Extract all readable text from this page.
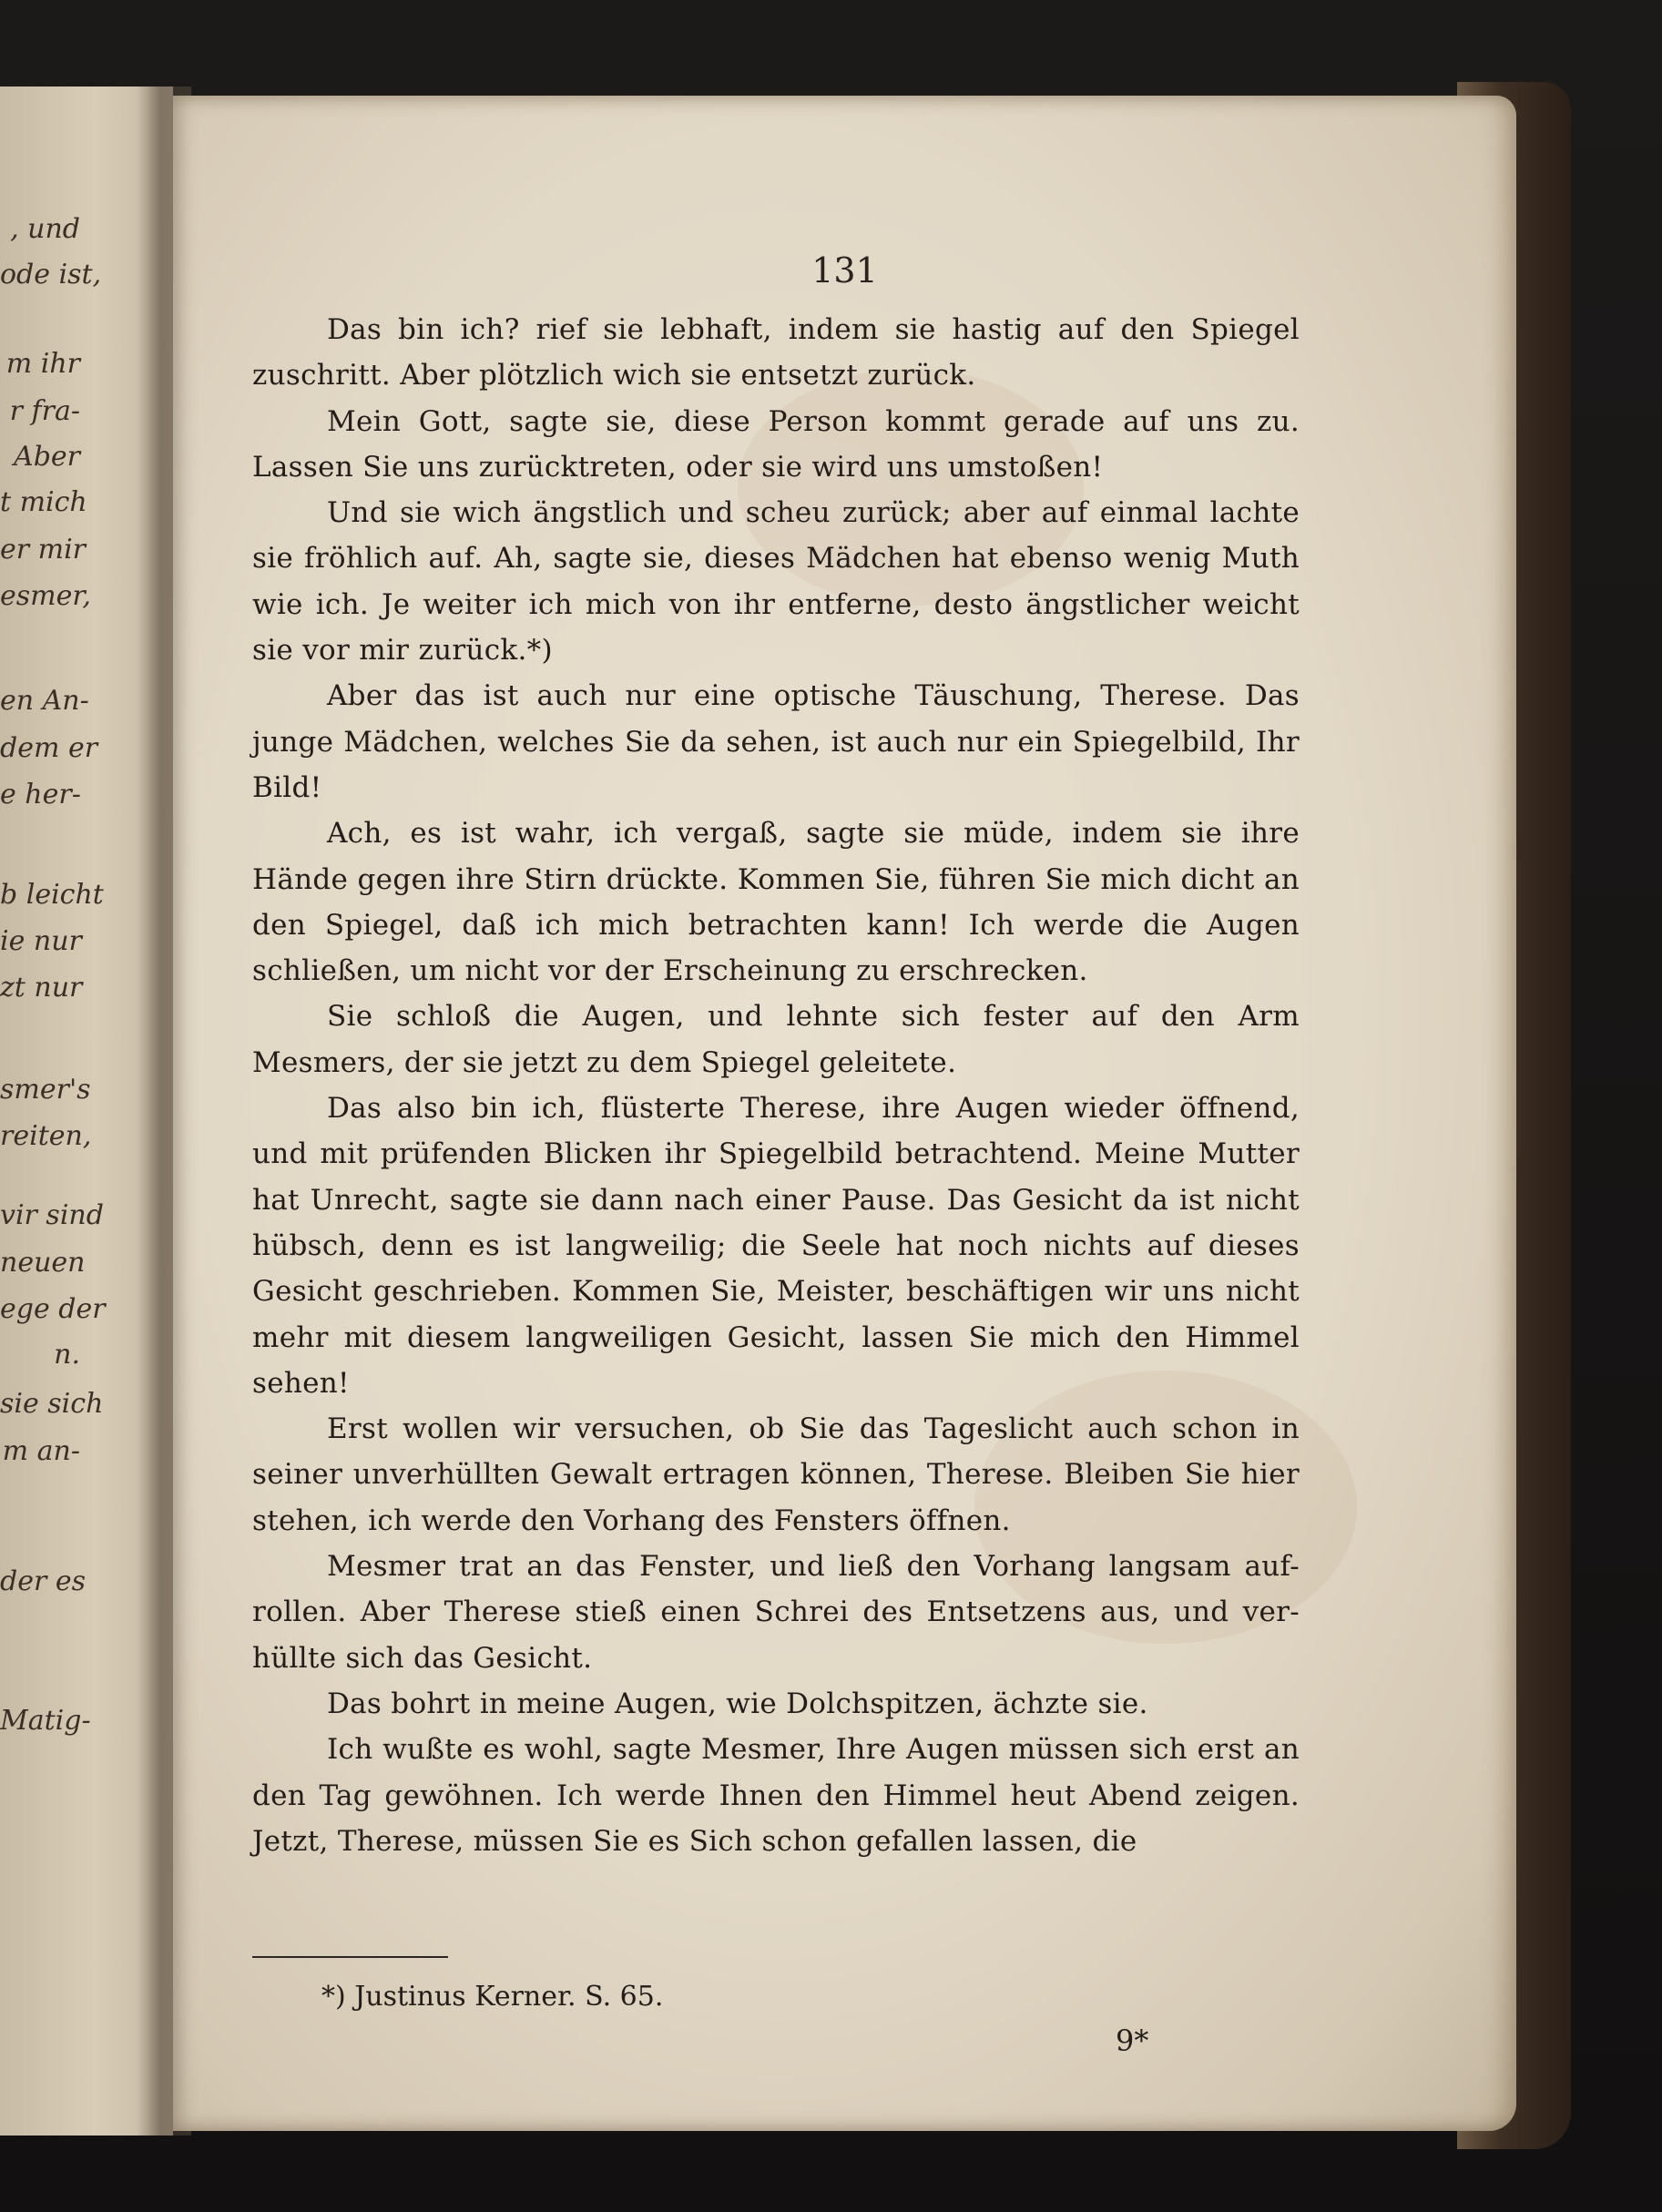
, und
ode ist,
m ihr
r fra-
Aber
t mich
er mir
esmer,
en An-
dem er
e her-
b leicht
ie nur
zt nur
smer's
reiten,
vir sind
neuen
ege der
n.
sie sich
m an-
der es
Matig-
131

Das bin ich? rief sie lebhaft, indem sie hastig auf den Spiegel zuschritt. Aber plötzlich wich sie entsetzt zurück.

Mein Gott, sagte sie, diese Person kommt gerade auf uns zu. Lassen Sie uns zurücktreten, oder sie wird uns umstoßen!

Und sie wich ängstlich und scheu zurück; aber auf einmal lachte sie fröhlich auf. Ah, sagte sie, dieses Mädchen hat ebenso wenig Muth wie ich. Je weiter ich mich von ihr entferne, desto ängstlicher weicht sie vor mir zurück.*)

Aber das ist auch nur eine optische Täuschung, Therese. Das junge Mädchen, welches Sie da sehen, ist auch nur ein Spiegelbild, Ihr Bild!

Ach, es ist wahr, ich vergaß, sagte sie müde, indem sie ihre Hände gegen ihre Stirn drückte. Kommen Sie, führen Sie mich dicht an den Spiegel, daß ich mich betrachten kann! Ich werde die Augen schließen, um nicht vor der Erscheinung zu erschrecken.

Sie schloß die Augen, und lehnte sich fester auf den Arm Mesmers, der sie jetzt zu dem Spiegel geleitete.

Das also bin ich, flüsterte Therese, ihre Augen wieder öffnend, und mit prüfenden Blicken ihr Spiegelbild betrachtend. Meine Mutter hat Unrecht, sagte sie dann nach einer Pause. Das Gesicht da ist nicht hübsch, denn es ist langweilig; die Seele hat noch nichts auf dieses Gesicht geschrieben. Kommen Sie, Meister, beschäftigen wir uns nicht mehr mit diesem langweiligen Gesicht, lassen Sie mich den Himmel sehen!

Erst wollen wir versuchen, ob Sie das Tageslicht auch schon in seiner unverhüllten Gewalt ertragen können, Therese. Bleiben Sie hier stehen, ich werde den Vorhang des Fensters öffnen.

Mesmer trat an das Fenster, und ließ den Vorhang langsam auf- rollen. Aber Therese stieß einen Schrei des Entsetzens aus, und ver- hüllte sich das Gesicht.

Das bohrt in meine Augen, wie Dolchspitzen, ächzte sie.

Ich wußte es wohl, sagte Mesmer, Ihre Augen müssen sich erst an den Tag gewöhnen. Ich werde Ihnen den Himmel heut Abend zeigen. Jetzt, Therese, müssen Sie es Sich schon gefallen lassen, die

*) Justinus Kerner. S. 65.
9*
